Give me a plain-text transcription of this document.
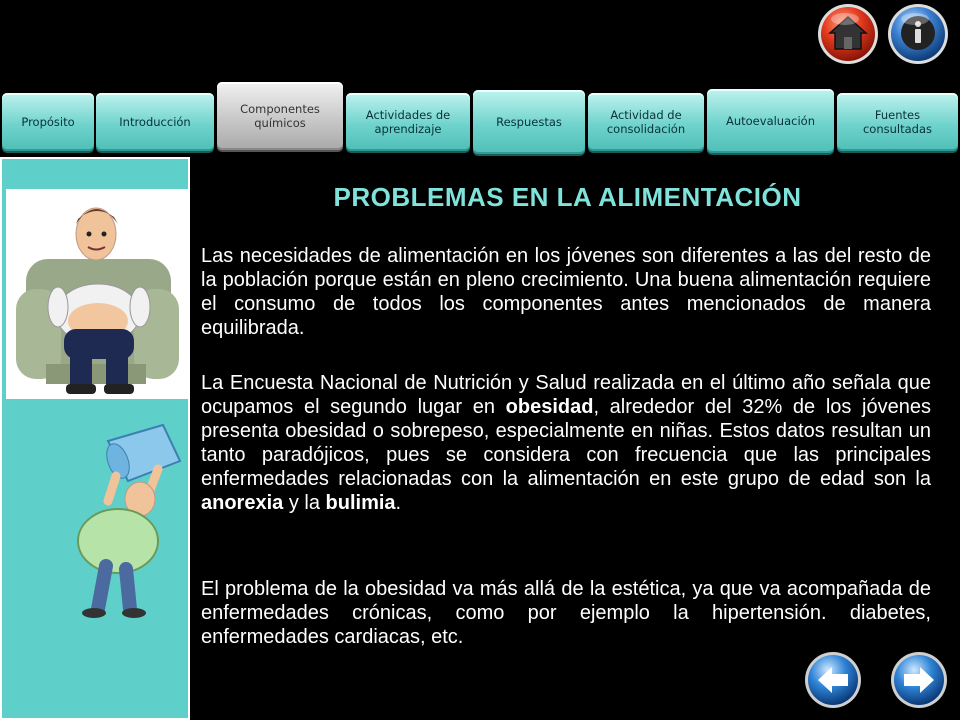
Propósito	Introducción
Componentes químicos
Actividades de aprendizaje	Respuestas	Actividad de consolidación
Autoevaluación	Fuentes consultadas
PROBLEMAS EN LA ALIMENTACIÓN

Las necesidades de alimentación en los jóvenes son diferentes a las del resto de la población porque están en pleno crecimiento. Una buena alimentación requiere el consumo de todos los componentes antes mencionados de manera equilibrada.

La Encuesta Nacional de Nutrición y Salud realizada en el último año señala que ocupamos el segundo lugar en obesidad, alrededor del 32% de los jóvenes presenta obesidad o sobrepeso, especialmente en niñas. Estos datos resultan un tanto paradójicos, pues se considera con frecuencia que las principales enfermedades relacionadas con la alimentación en este grupo de edad son la anorexia y la bulimia.

El problema de la obesidad va más allá de la estética, ya que va acompañada de enfermedades crónicas, como por ejemplo la hipertensión. diabetes, enfermedades cardiacas, etc.
